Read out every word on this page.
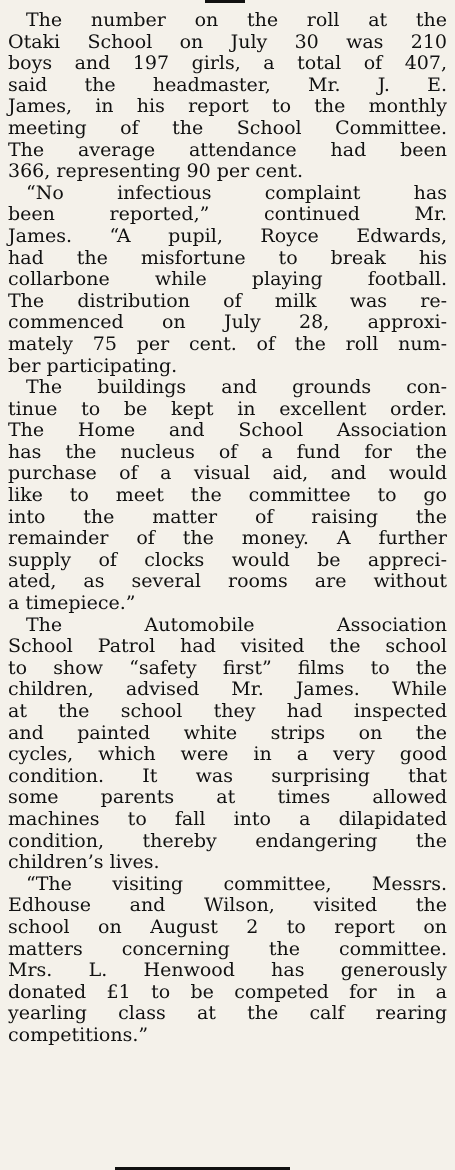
The number on the roll at the
Otaki School on July 30 was 210
boys and 197 girls, a total of 407,
said the headmaster, Mr. J. E.
James, in his report to the monthly
meeting of the School Committee.
The average attendance had been
366, representing 90 per cent.

“No infectious complaint has
been reported,” continued Mr.
James. “A pupil, Royce Edwards,
had the misfortune to break his
collarbone while playing football.
The distribution of milk was re-
commenced on July 28, approxi-
mately 75 per cent. of the roll num-
ber participating.

The buildings and grounds con-
tinue to be kept in excellent order.
The Home and School Association
has the nucleus of a fund for the
purchase of a visual aid, and would
like to meet the committee to go
into the matter of raising the
remainder of the money. A further
supply of clocks would be appreci-
ated, as several rooms are without
a timepiece.”

The Automobile Association
School Patrol had visited the school
to show “safety first” films to the
children, advised Mr. James. While
at the school they had inspected
and painted white strips on the
cycles, which were in a very good
condition. It was surprising that
some parents at times allowed
machines to fall into a dilapidated
condition, thereby endangering the
children’s lives.

“The visiting committee, Messrs.
Edhouse and Wilson, visited the
school on August 2 to report on
matters concerning the committee.
Mrs. L. Henwood has generously
donated £1 to be competed for in a
yearling class at the calf rearing
competitions.”
